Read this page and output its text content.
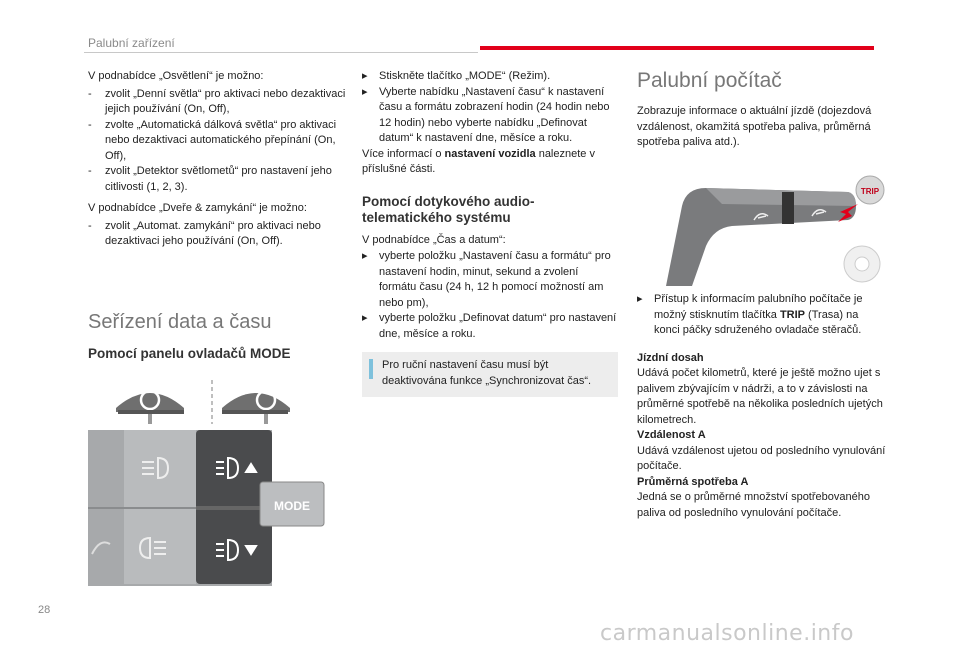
Palubní zařízení

V podnabídce „Osvětlení“ je možno:

-	zvolit „Denní světla“ pro aktivaci nebo dezaktivaci jejich používání (On, Off),
-	zvolte „Automatická dálková světla“ pro aktivaci nebo dezaktivaci automatického přepínání (On, Off),
-	zvolit „Detektor světlometů“ pro nastavení jeho citlivosti (1, 2, 3).

V podnabídce „Dveře & zamykání“ je možno:

-	zvolit „Automat. zamykání“ pro aktivaci nebo dezaktivaci jeho používání (On, Off).
Seřízení data a času
Pomocí panelu ovladačů MODE
MODE
▸	Stiskněte tlačítko „MODE“ (Režim).
▸	Vyberte nabídku „Nastavení času“ k nastavení času a formátu zobrazení hodin (24 hodin nebo 12 hodin) nebo vyberte nabídku „Definovat datum“ k nastavení dne, měsíce a roku.

Více informací o nastavení vozidla naleznete v příslušné části.

Pomocí dotykového audio-telematického systému

V podnabídce „Čas a datum“:

▸	vyberte položku „Nastavení času a formátu“ pro nastavení hodin, minut, sekund a zvolení formátu času (24 h, 12 h pomocí možností am nebo pm),
▸	vyberte položku „Definovat datum“ pro nastavení dne, měsíce a roku.
Pro ruční nastavení času musí být deaktivována funkce „Synchronizovat čas“.
Palubní počítač

Zobrazuje informace o aktuální jízdě (dojezdová vzdálenost, okamžitá spotřeba paliva, průměrná spotřeba paliva atd.).

TRIP
▸	Přístup k informacím palubního počítače je možný stisknutím tlačítka TRIP (Trasa) na konci páčky sdruženého ovladače stěračů.
Jízdní dosah
Udává počet kilometrů, které je ještě možno ujet s palivem zbývajícím v nádrži, a to v závislosti na průměrné spotřebě na několika posledních ujetých kilometrech.
Vzdálenost A
Udává vzdálenost ujetou od posledního vynulování počítače.
Průměrná spotřeba A
Jedná se o průměrné množství spotřebovaného paliva od posledního vynulování počítače.
28
carmanualsonline.info
